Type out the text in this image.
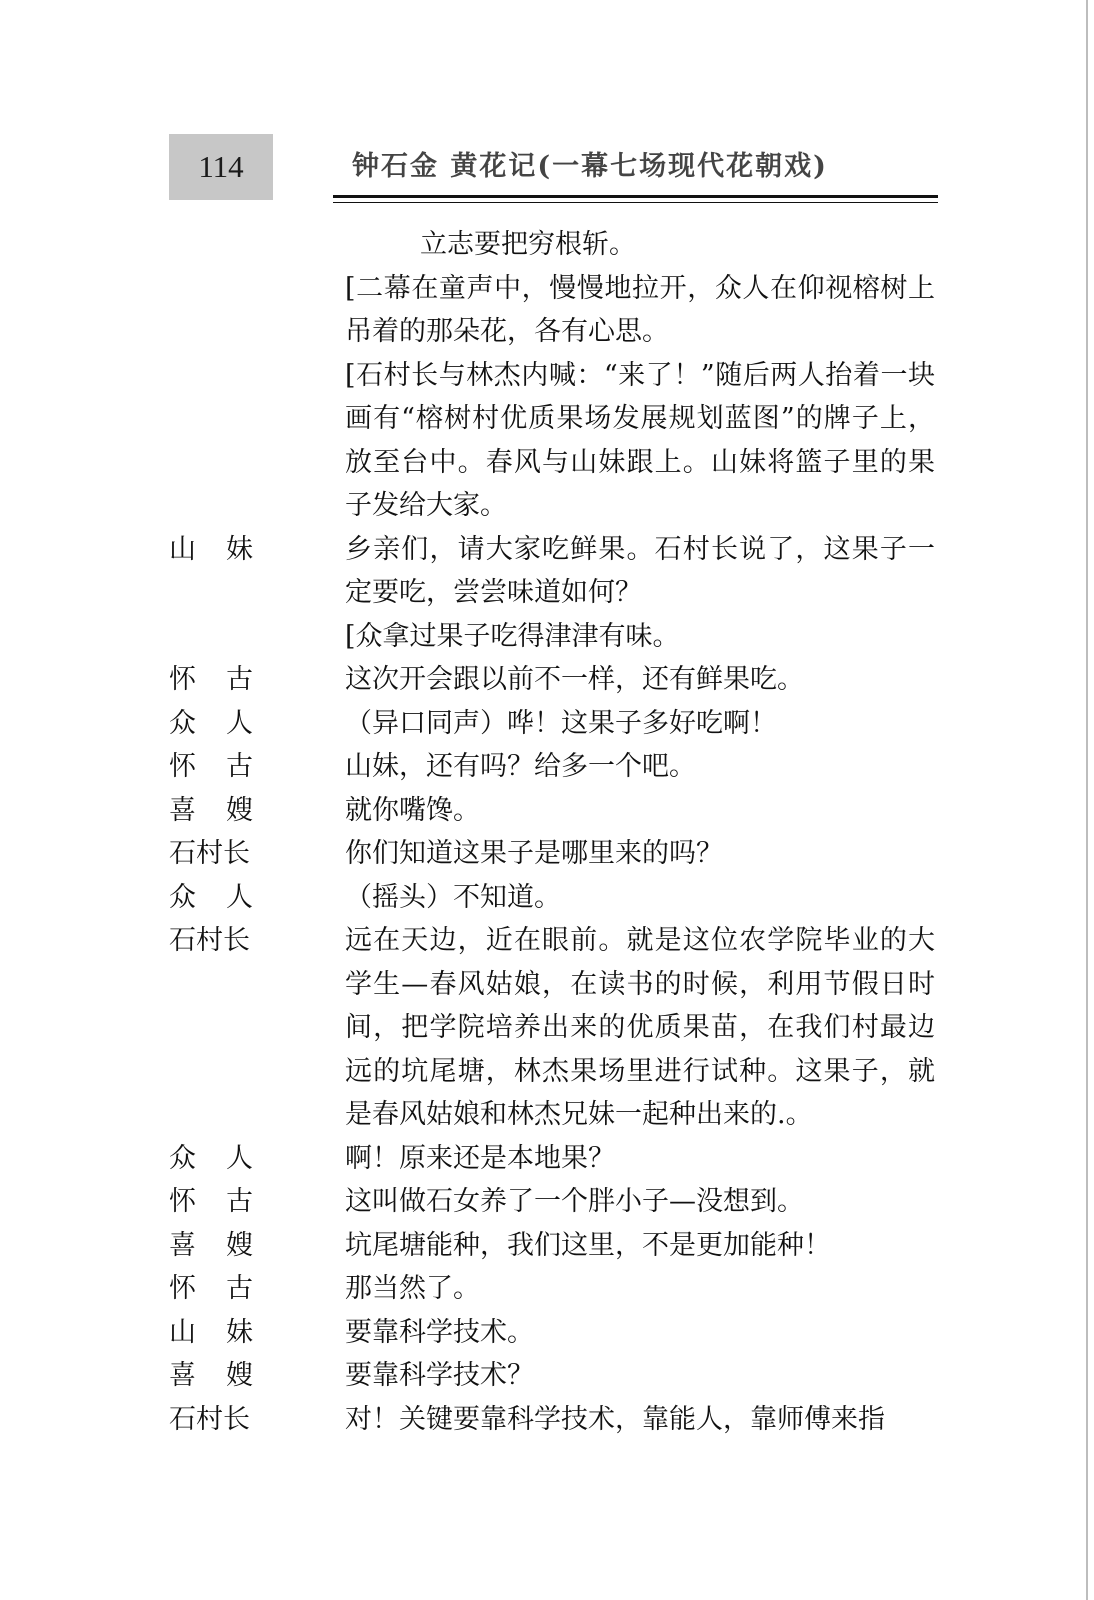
114	钟石金 黄花记(一幕七场现代花朝戏)
立志要把穷根斩。
[二幕在童声中，慢慢地拉开，众人在仰视榕树上吊着的那朵花，各有心思。
[石村长与林杰内喊：“来了！”随后两人抬着一块画有“榕树村优质果场发展规划蓝图”的牌子上，放至台中。春风与山妹跟上。山妹将篮子里的果子发给大家。
山 妹	乡亲们，请大家吃鲜果。石村长说了，这果子一定要吃，尝尝味道如何？
[众拿过果子吃得津津有味。
怀 古	这次开会跟以前不一样，还有鲜果吃。
众 人	（异口同声）哗！这果子多好吃啊！
怀 古	山妹，还有吗？给多一个吧。
喜 嫂	就你嘴馋。
石村长	你们知道这果子是哪里来的吗？
众 人	（摇头）不知道。
石村长	远在天边，近在眼前。就是这位农学院毕业的大学生—春风姑娘，在读书的时候，利用节假日时间，把学院培养出来的优质果苗，在我们村最边远的坑尾塘，林杰果场里进行试种。这果子，就是春风姑娘和林杰兄妹一起种出来的.。
众 人	啊！原来还是本地果？
怀 古	这叫做石女养了一个胖小子—没想到。
喜 嫂	坑尾塘能种，我们这里，不是更加能种！
怀 古	那当然了。
山 妹	要靠科学技术。
喜 嫂	要靠科学技术？
石村长	对！关键要靠科学技术，靠能人，靠师傅来指
